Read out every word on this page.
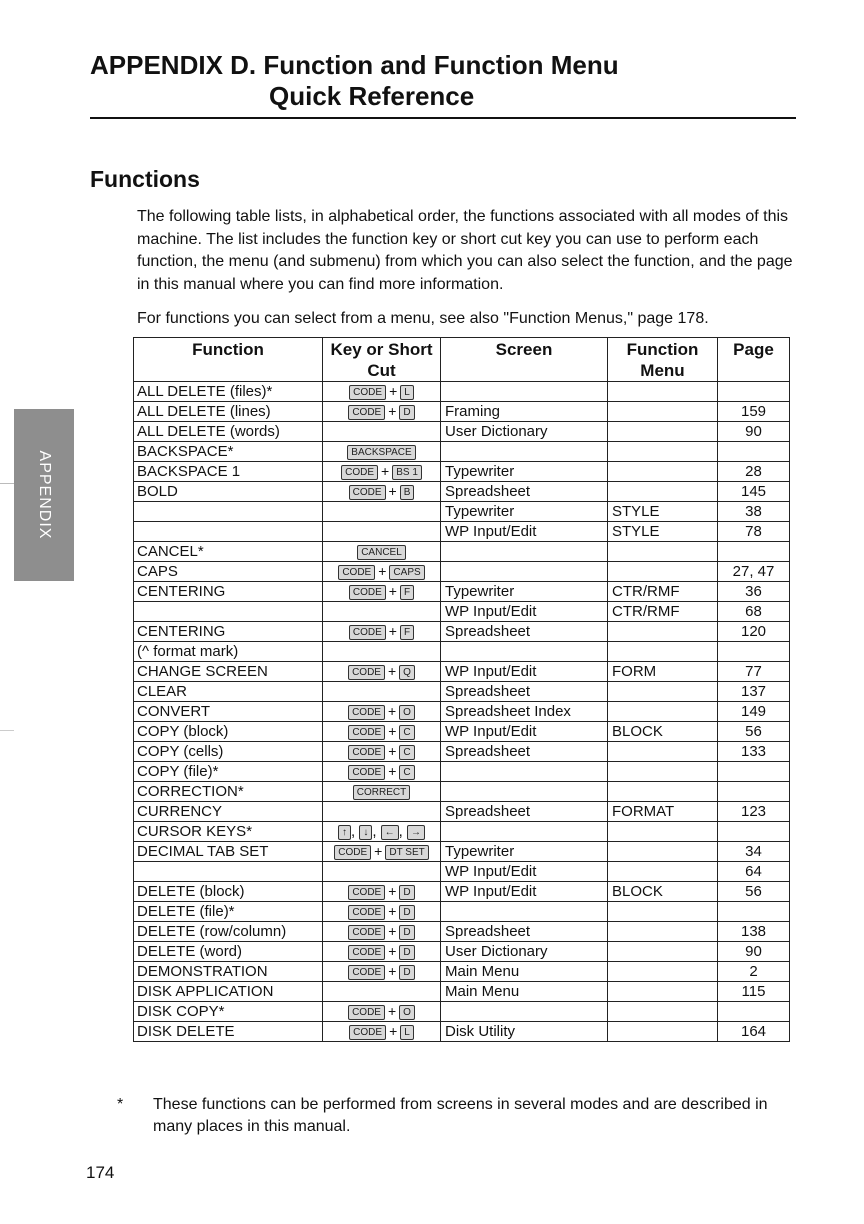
APPENDIX D. Function and Function Menu
Quick Reference
Functions

The following table lists, in alphabetical order, the functions associated with all modes of this machine. The list includes the function key or short cut key you can use to perform each function, the menu (and submenu) from which you can also select the function, and the page in this manual where you can find more information.

For functions you can select from a menu, see also "Function Menus," page 178.

APPENDIX
Function	Key or Short Cut	Screen	Function Menu	Page
ALL DELETE (files)*	CODE + L			
ALL DELETE (lines)	CODE + D	Framing		159
ALL DELETE (words)		User Dictionary		90
BACKSPACE*	BACKSPACE			
BACKSPACE 1	CODE + BS 1	Typewriter		28
BOLD	CODE + B	Spreadsheet		145
		Typewriter	STYLE	38
		WP Input/Edit	STYLE	78
CANCEL*	CANCEL			
CAPS	CODE + CAPS			27, 47
CENTERING	CODE + F	Typewriter	CTR/RMF	36
		WP Input/Edit	CTR/RMF	68
CENTERING	CODE + F	Spreadsheet		120
(^ format mark)				
CHANGE SCREEN	CODE + Q	WP Input/Edit	FORM	77
CLEAR		Spreadsheet		137
CONVERT	CODE + O	Spreadsheet Index		149
COPY (block)	CODE + C	WP Input/Edit	BLOCK	56
COPY (cells)	CODE + C	Spreadsheet		133
COPY (file)*	CODE + C			
CORRECTION*	CORRECT			
CURRENCY		Spreadsheet	FORMAT	123
CURSOR KEYS*	↑ , ↓ , ← , →			
DECIMAL TAB SET	CODE + DT SET	Typewriter		34
		WP Input/Edit		64
DELETE (block)	CODE + D	WP Input/Edit	BLOCK	56
DELETE (file)*	CODE + D			
DELETE (row/column)	CODE + D	Spreadsheet		138
DELETE (word)	CODE + D	User Dictionary		90
DEMONSTRATION	CODE + D	Main Menu		2
DISK APPLICATION		Main Menu		115
DISK COPY*	CODE + O			
DISK DELETE	CODE + L	Disk Utility		164
*	These functions can be performed from screens in several modes and are described in many places in this manual.
174
